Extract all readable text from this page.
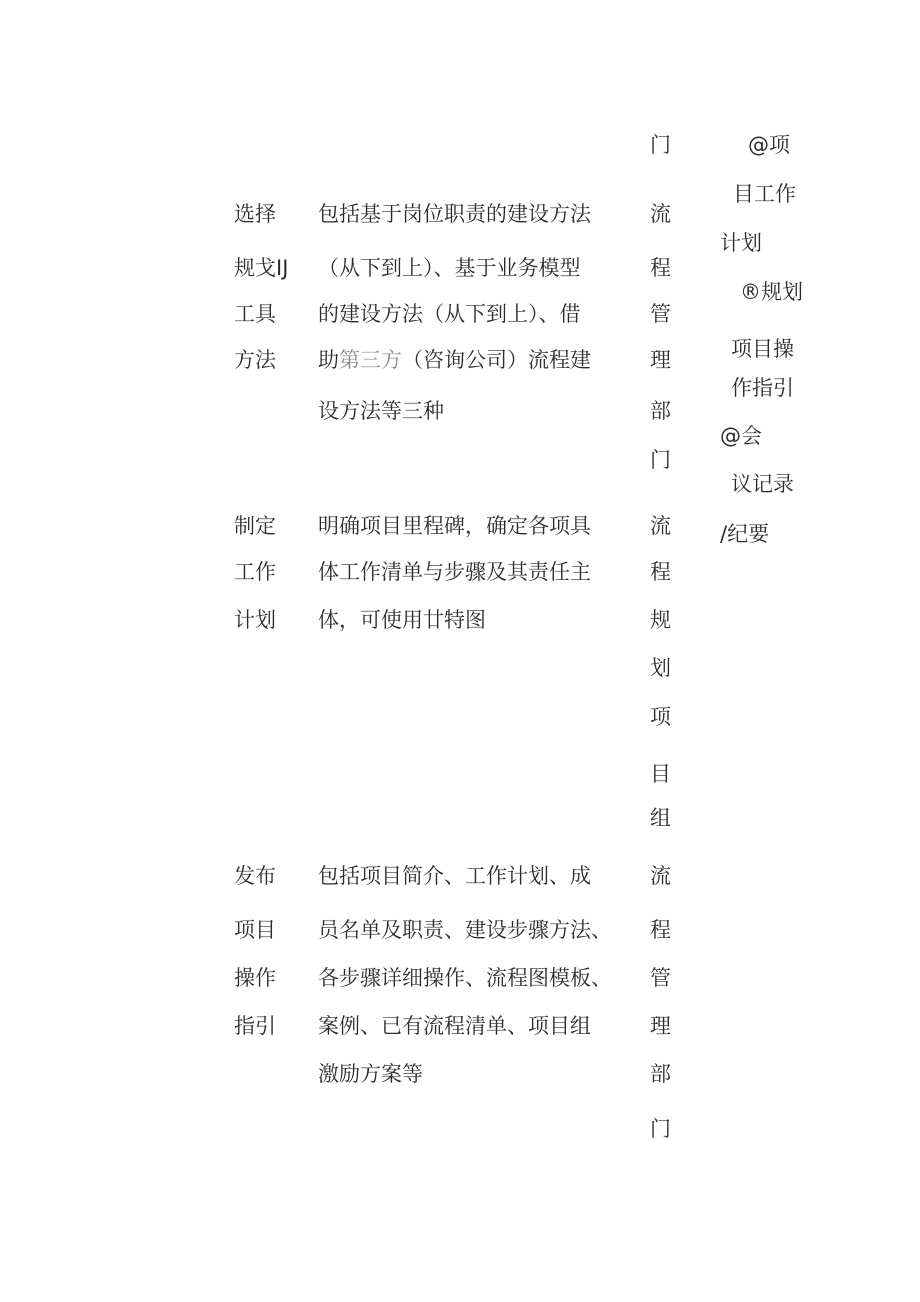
门	@项
目工作
计划
®规划
项目操
作指引
@会
议记录
/纪要
选择
规戈IJ
工具
方法
包括基于岗位职责的建设方法
（从下到上）、基于业务模型
的建设方法（从下到上）、借
助第三方（咨询公司）流程建
设方法等三种
流
程
管
理
部
门
制定
工作
计划
明确项目里程碑，确定各项具
体工作清单与步骤及其责任主
体，可使用廿特图
流
程
规
划
项
目
组
发布
项目
操作
指引
包括项目简介、工作计划、成
员名单及职责、建设步骤方法、
各步骤详细操作、流程图模板、
案例、已有流程清单、项目组
激励方案等
流
程
管
理
部
门
